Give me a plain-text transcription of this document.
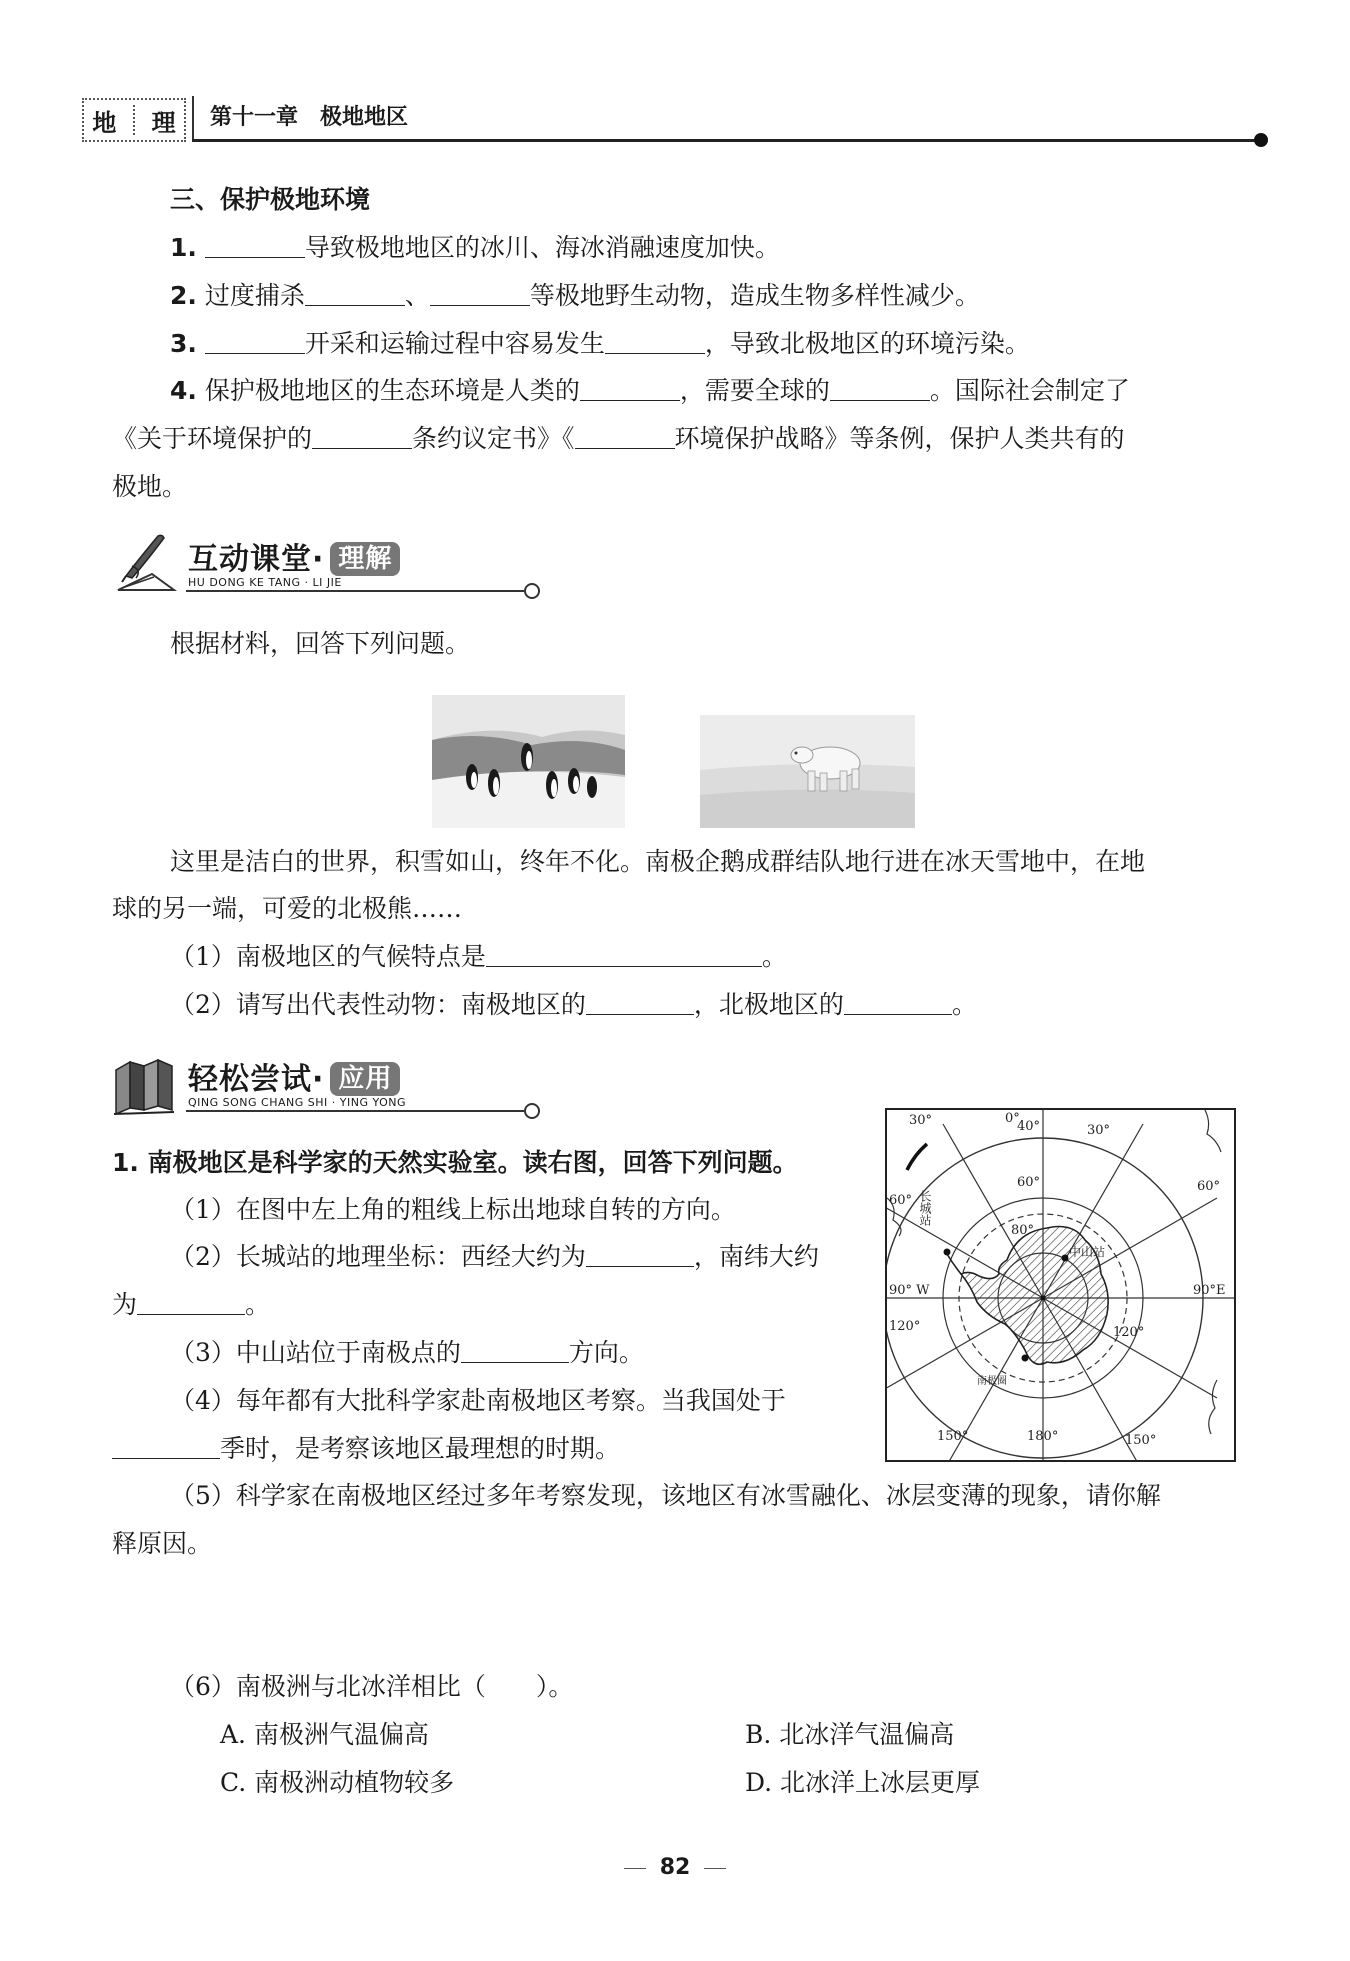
地 理 第十一章 极地地区
三、保护极地环境
1.	导致极地地区的冰川、海冰消融速度加快。
2. 过度捕杀	、	等极地野生动物，造成生物多样性减少。
3.	开采和运输过程中容易发生	，导致北极地区的环境污染。
4. 保护极地地区的生态环境是人类的	，需要全球的	。国际社会制定了
《关于环境保护的	条约议定书》《	环境保护战略》等条例，保护人类共有的
极地。
互动课堂· 理解
HU DONG KE TANG · LI JIE
根据材料，回答下列问题。
这里是洁白的世界，积雪如山，终年不化。南极企鹅成群结队地行进在冰天雪地中，在地
球的另一端，可爱的北极熊……
（1）南极地区的气候特点是	。
（2）请写出代表性动物：南极地区的	，北极地区的	。
轻松尝试· 应用
QING SONG CHANG SHI · YING YONG
1. 南极地区是科学家的天然实验室。读右图，回答下列问题。
（1）在图中左上角的粗线上标出地球自转的方向。
（2）长城站的地理坐标：西经大约为	，南纬大约
为	。
（3）中山站位于南极点的	方向。
（4）每年都有大批科学家赴南极地区考察。当我国处于
季时，是考察该地区最理想的时期。
（5）科学家在南极地区经过多年考察发现，该地区有冰雪融化、冰层变薄的现象，请你解
释原因。
（6）南极洲与北冰洋相比（　　）。
A. 南极洲气温偏高	B. 北冰洋气温偏高
C. 南极洲动植物较多	D. 北冰洋上冰层更厚
30°	0°
40°	30°
60°
60°
60°
80°
90° W	90°E
120°	120°
150°	180°	150°
长城站
中山站
南极圈
82
